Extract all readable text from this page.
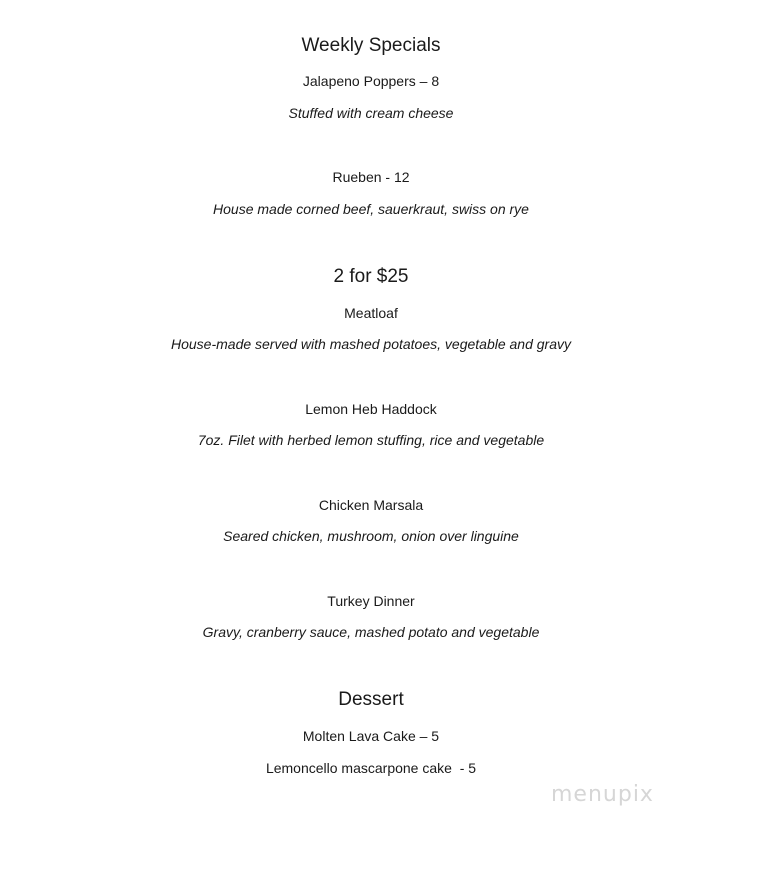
Weekly Specials
Jalapeno Poppers – 8
Stuffed with cream cheese
Rueben - 12
House made corned beef, sauerkraut, swiss on rye
2 for $25
Meatloaf
House-made served with mashed potatoes, vegetable and gravy
Lemon Heb Haddock
7oz. Filet with herbed lemon stuffing, rice and vegetable
Chicken Marsala
Seared chicken, mushroom, onion over linguine
Turkey Dinner
Gravy, cranberry sauce, mashed potato and vegetable
Dessert
Molten Lava Cake – 5
Lemoncello mascarpone cake  - 5
menupix
